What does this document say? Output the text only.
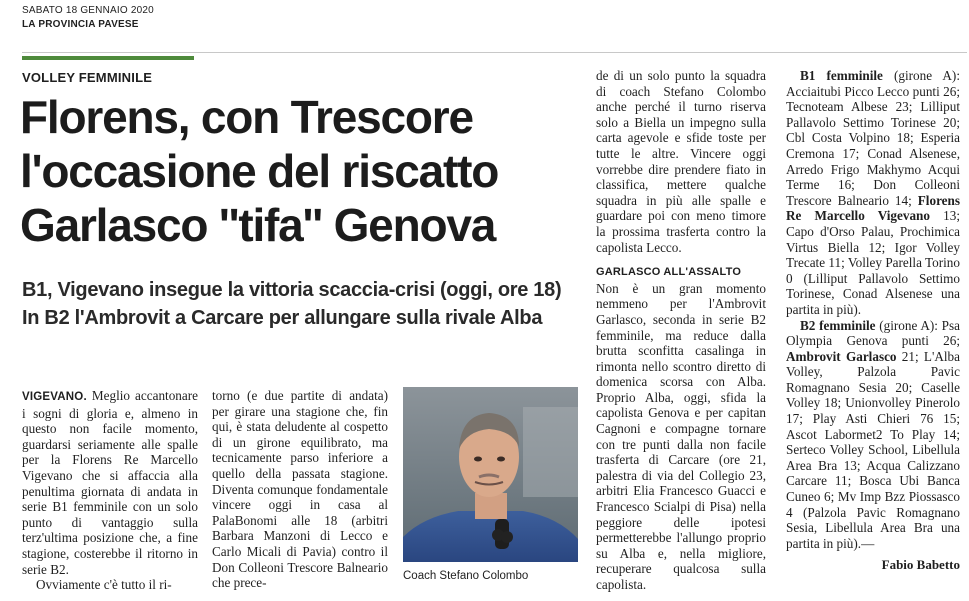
SABATO 18 GENNAIO 2020
LA PROVINCIA PAVESE
VOLLEY FEMMINILE
Florens, con Trescore
l'occasione del riscatto
Garlasco ''tifa'' Genova
B1, Vigevano insegue la vittoria scaccia-crisi (oggi, ore 18)
In B2 l'Ambrovit a Carcare per allungare sulla rivale Alba

VIGEVANO. Meglio accantonare i sogni di gloria e, almeno in questo non facile momento, guardarsi seriamente alle spalle per la Florens Re Marcello Vigevano che si affaccia alla penultima giornata di andata in serie B1 femminile con un solo punto di vantaggio sulla terz'ultima posizione che, a fine stagione, costerebbe il ritorno in serie B2.

Ovviamente c'è tutto il ri-

torno (e due partite di andata) per girare una stagione che, fin qui, è stata deludente al cospetto di un girone equilibrato, ma tecnicamente parso inferiore a quello della passata stagione. Diventa comunque fondamentale vincere oggi in casa al PalaBonomi alle 18 (arbitri Barbara Manzoni di Lecco e Carlo Micali di Pavia) contro il Don Colleoni Trescore Balneario che prece-	Coach Stefano Colombo

de di un solo punto la squadra di coach Stefano Colombo anche perché il turno riserva solo a Biella un impegno sulla carta agevole e sfide toste per tutte le altre. Vincere oggi vorrebbe dire prendere fiato in classifica, mettere qualche squadra in più alle spalle e guardare poi con meno timore la prossima trasferta contro la capolista Lecco.

GARLASCO ALL'ASSALTO

Non è un gran momento nemmeno per l'Ambrovit Garlasco, seconda in serie B2 femminile, ma reduce dalla brutta sconfitta casalinga in rimonta nello scontro diretto di domenica scorsa con Alba. Proprio Alba, oggi, sfida la capolista Genova e per capitan Cagnoni e compagne tornare con tre punti dalla non facile trasferta di Carcare (ore 21, palestra di via del Collegio 23, arbitri Elia Francesco Guacci e Francesco Scialpi di Pisa) nella peggiore delle ipotesi permetterebbe l'allungo proprio su Alba e, nella migliore, recuperare qualcosa sulla capolista.

B1 femminile (girone A): Acciaitubi Picco Lecco punti 26; Tecnoteam Albese 23; Lilliput Pallavolo Settimo Torinese 20; Cbl Costa Volpino 18; Esperia Cremona 17; Conad Alsenese, Arredo Frigo Makhymo Acqui Terme 16; Don Colleoni Trescore Balneario 14; Florens Re Marcello Vigevano 13; Capo d'Orso Palau, Prochimica Virtus Biella 12; Igor Volley Trecate 11; Volley Parella Torino 0 (Lilliput Pallavolo Settimo Torinese, Conad Alsenese una partita in più).

B2 femminile (girone A): Psa Olympia Genova punti 26; Ambrovit Garlasco 21; L'Alba Volley, Palzola Pavic Romagnano Sesia 20; Caselle Volley 18; Unionvolley Pinerolo 17; Play Asti Chieri 76 15; Ascot Labormet2 To Play 14; Serteco Volley School, Libellula Area Bra 13; Acqua Calizzano Carcare 11; Bosca Ubi Banca Cuneo 6; Mv Imp Bzz Piossasco 4 (Palzola Pavic Romagnano Sesia, Libellula Area Bra una partita in più).—

Fabio Babetto
